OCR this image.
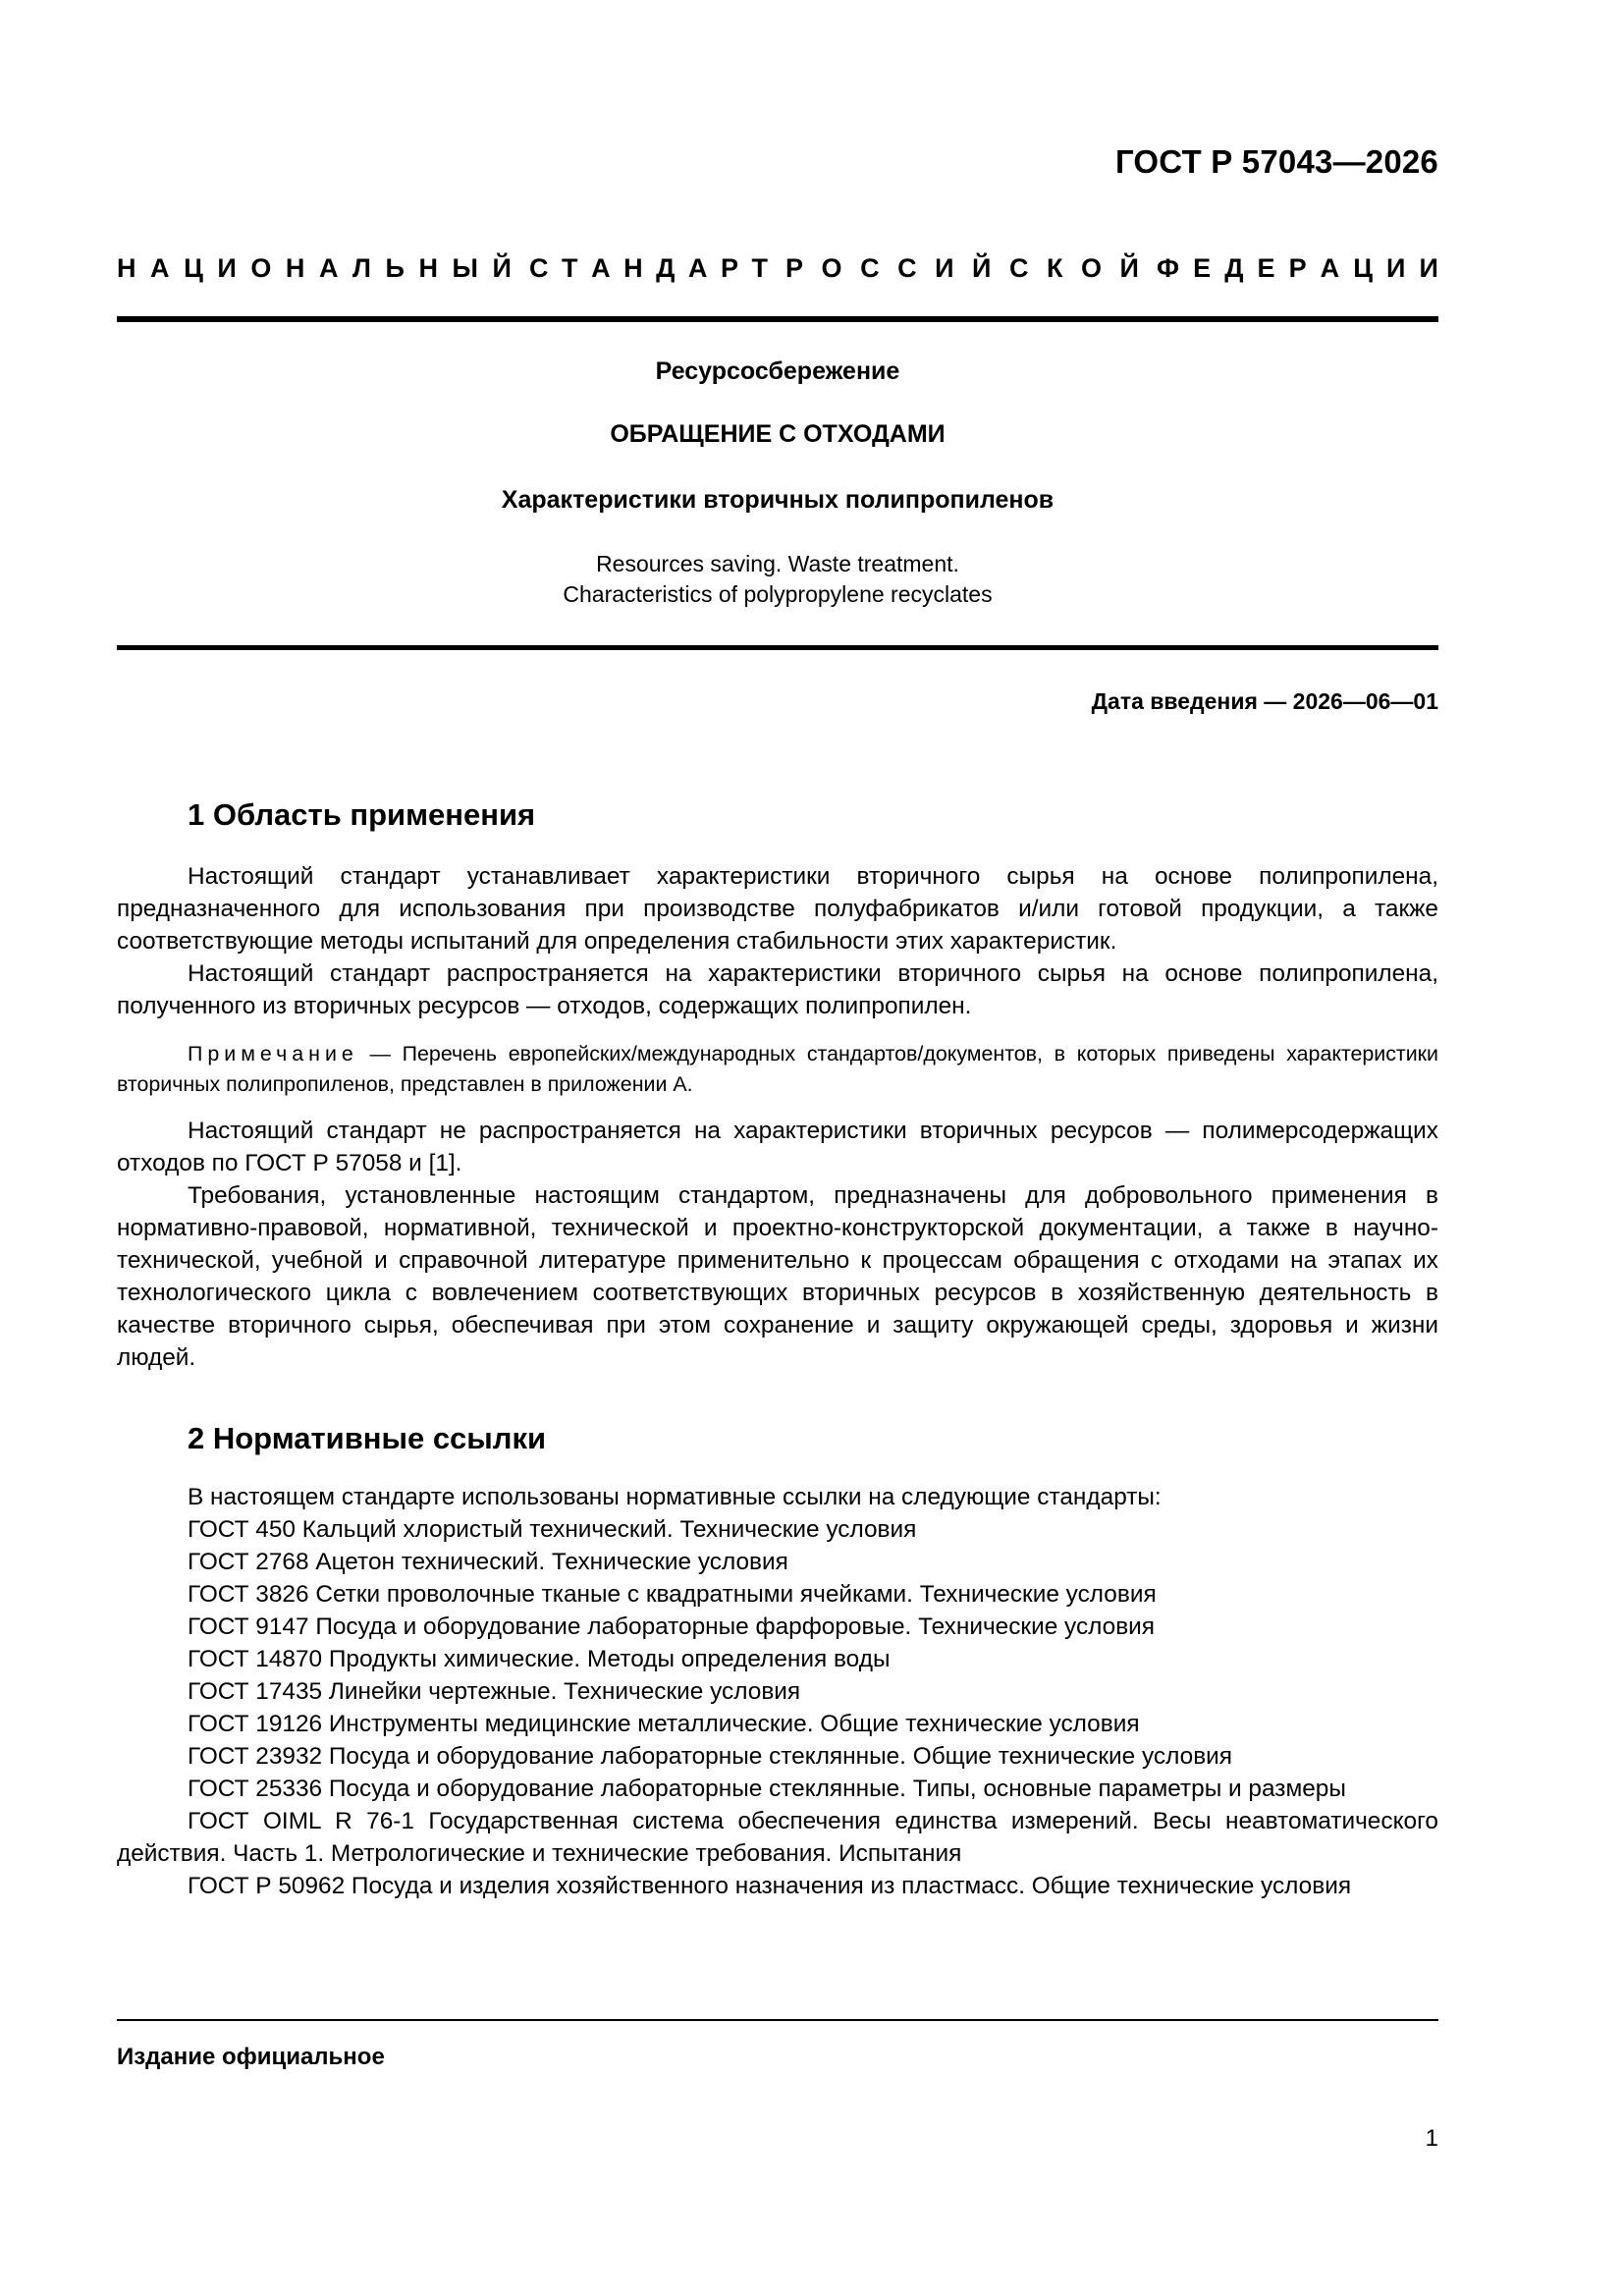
ГОСТ Р 57043—2026
Н А Ц И О Н А Л Ь Н Ы Й С Т А Н Д А Р Т Р О С С И Й С К О Й Ф Е Д Е Р А Ц И И
Ресурсосбережение
ОБРАЩЕНИЕ С ОТХОДАМИ
Характеристики вторичных полипропиленов
Resources saving. Waste treatment.
Characteristics of polypropylene recyclates
Дата введения — 2026—06—01
1 Область применения

Настоящий стандарт устанавливает характеристики вторичного сырья на основе полипропилена, предназначенного для использования при производстве полуфабрикатов и/или готовой продукции, а также соответствующие методы испытаний для определения стабильности этих характеристик.

Настоящий стандарт распространяется на характеристики вторичного сырья на основе полипропилена, полученного из вторичных ресурсов — отходов, содержащих полипропилен.

Примечание — Перечень европейских/международных стандартов/документов, в которых приведены характеристики вторичных полипропиленов, представлен в приложении А.

Настоящий стандарт не распространяется на характеристики вторичных ресурсов — полимерсодержащих отходов по ГОСТ Р 57058 и [1].

Требования, установленные настоящим стандартом, предназначены для добровольного применения в нормативно-правовой, нормативной, технической и проектно-конструкторской документации, а также в научно-технической, учебной и справочной литературе применительно к процессам обращения с отходами на этапах их технологического цикла с вовлечением соответствующих вторичных ресурсов в хозяйственную деятельность в качестве вторичного сырья, обеспечивая при этом сохранение и защиту окружающей среды, здоровья и жизни людей.

2 Нормативные ссылки

В настоящем стандарте использованы нормативные ссылки на следующие стандарты:

ГОСТ 450 Кальций хлористый технический. Технические условия

ГОСТ 2768 Ацетон технический. Технические условия

ГОСТ 3826 Сетки проволочные тканые с квадратными ячейками. Технические условия

ГОСТ 9147 Посуда и оборудование лабораторные фарфоровые. Технические условия

ГОСТ 14870 Продукты химические. Методы определения воды

ГОСТ 17435 Линейки чертежные. Технические условия

ГОСТ 19126 Инструменты медицинские металлические. Общие технические условия

ГОСТ 23932 Посуда и оборудование лабораторные стеклянные. Общие технические условия

ГОСТ 25336 Посуда и оборудование лабораторные стеклянные. Типы, основные параметры и размеры

ГОСТ OIML R 76-1 Государственная система обеспечения единства измерений. Весы неавтоматического действия. Часть 1. Метрологические и технические требования. Испытания

ГОСТ Р 50962 Посуда и изделия хозяйственного назначения из пластмасс. Общие технические условия

Издание официальное
1
